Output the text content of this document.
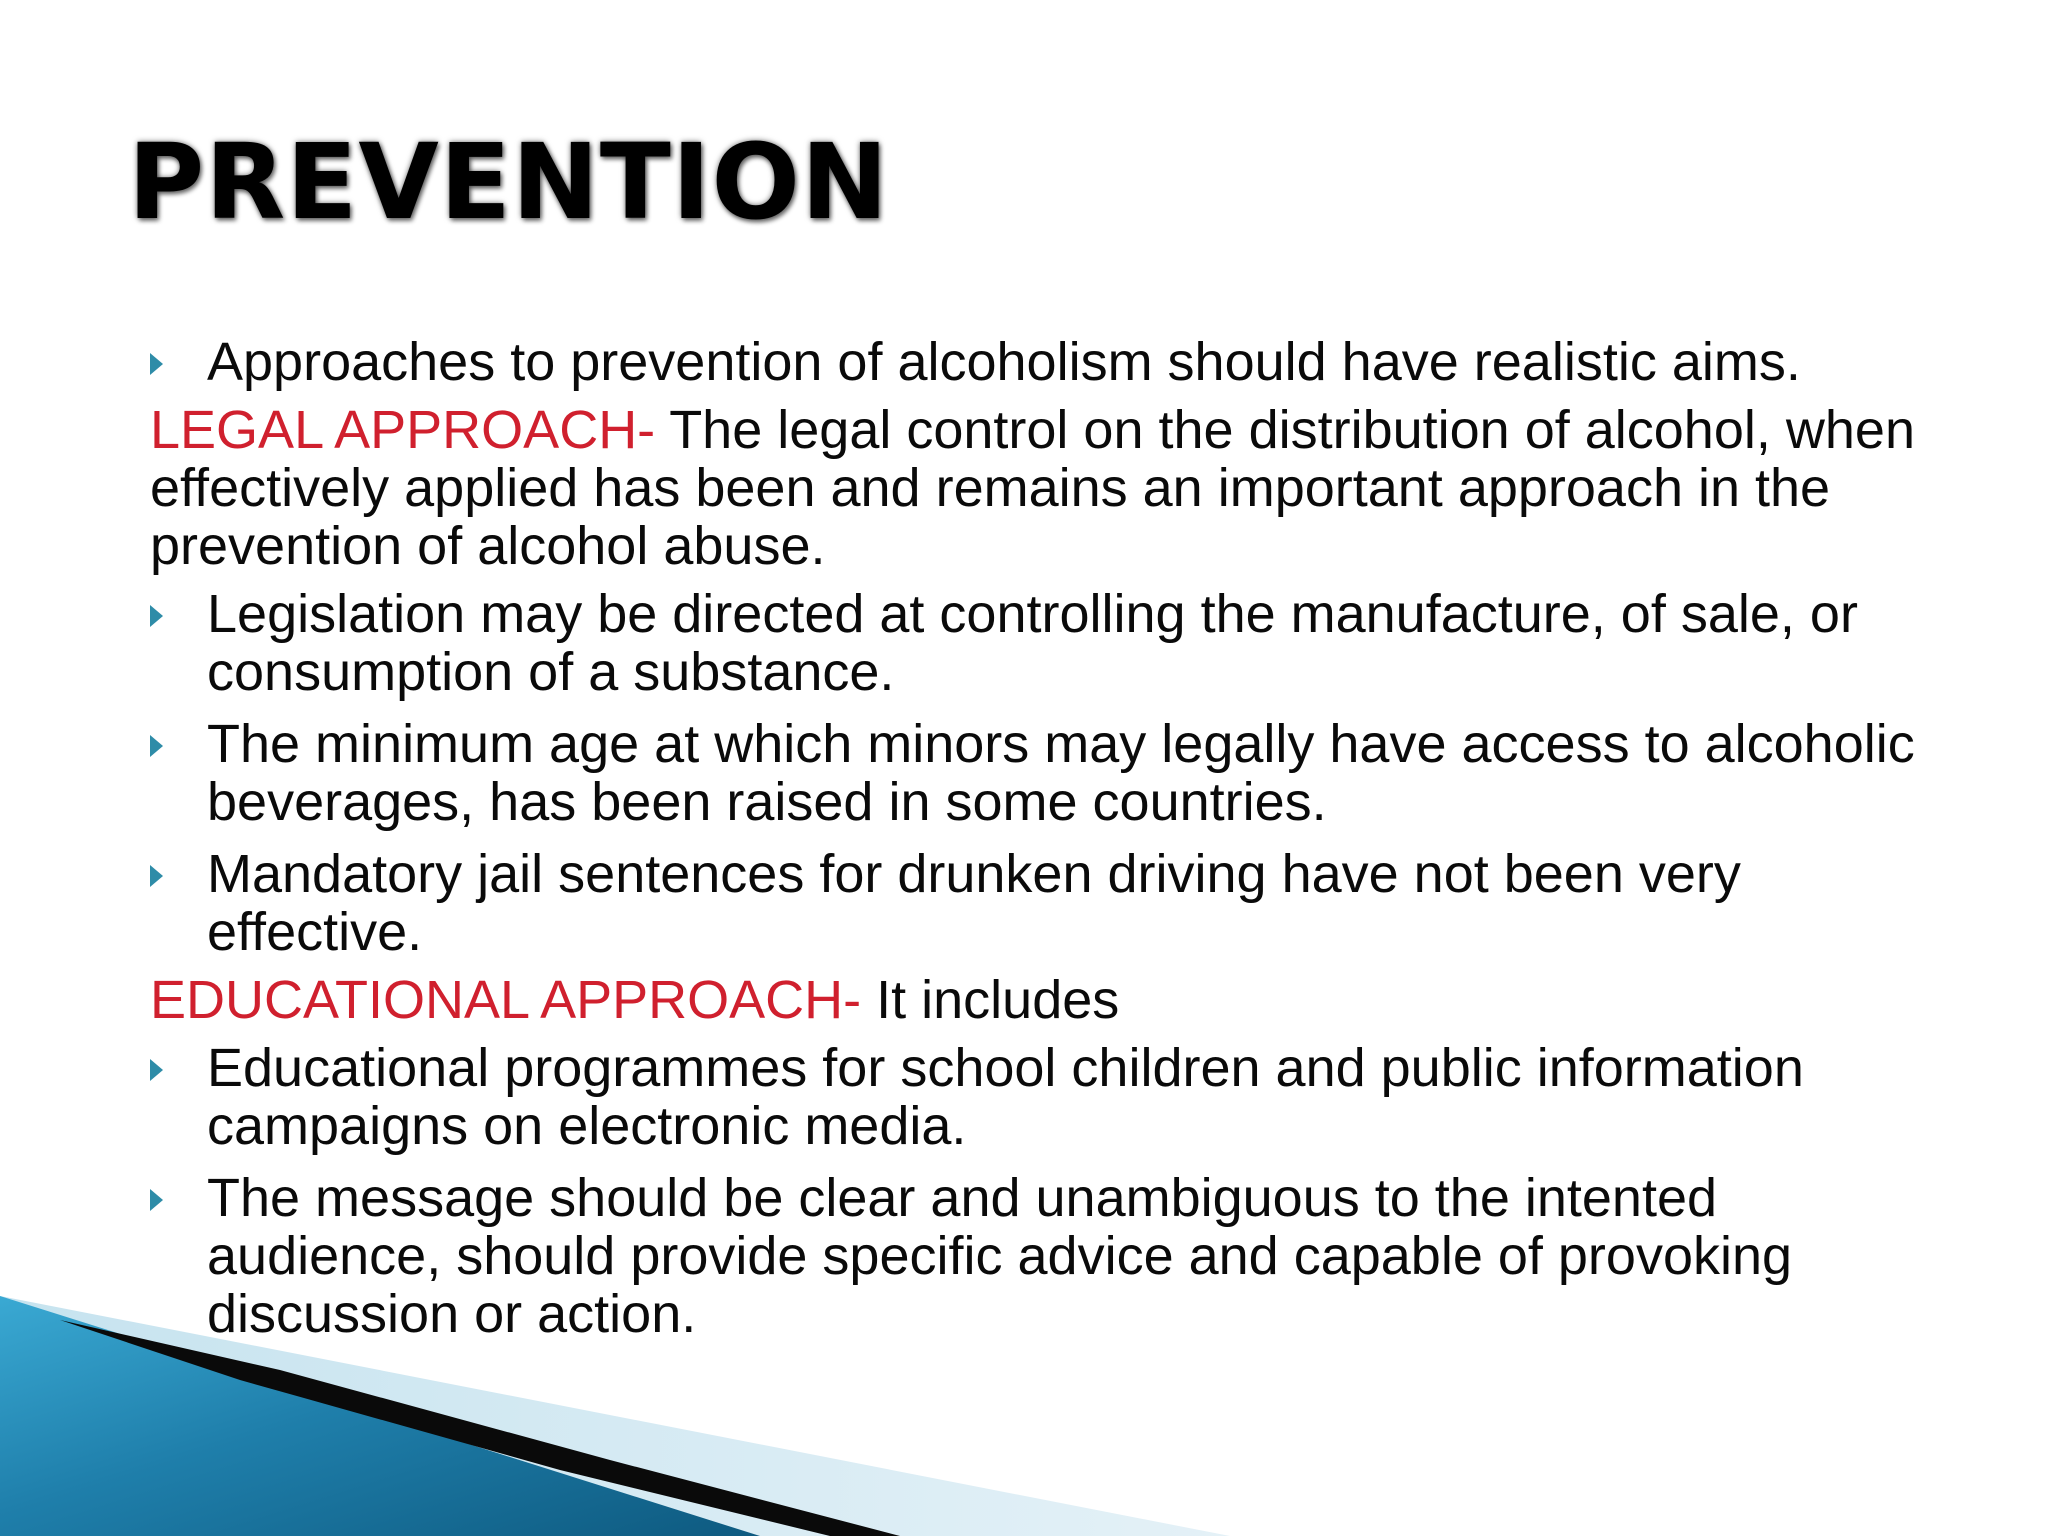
PREVENTION

Approaches to prevention of alcoholism should have realistic aims.

LEGAL APPROACH- The legal control on the distribution of alcohol, when effectively applied has been and remains an important approach in the prevention of alcohol abuse.

Legislation may be directed at controlling the manufacture, of sale, or consumption of a substance.

The minimum age at which minors may legally have access to alcoholic beverages, has been raised in some countries.

Mandatory jail sentences for drunken driving have not been very effective.

EDUCATIONAL APPROACH- It includes

Educational programmes for school children and public information campaigns on electronic media.

The message should be clear and unambiguous to the intented audience, should provide specific advice and capable of provoking discussion or action.
